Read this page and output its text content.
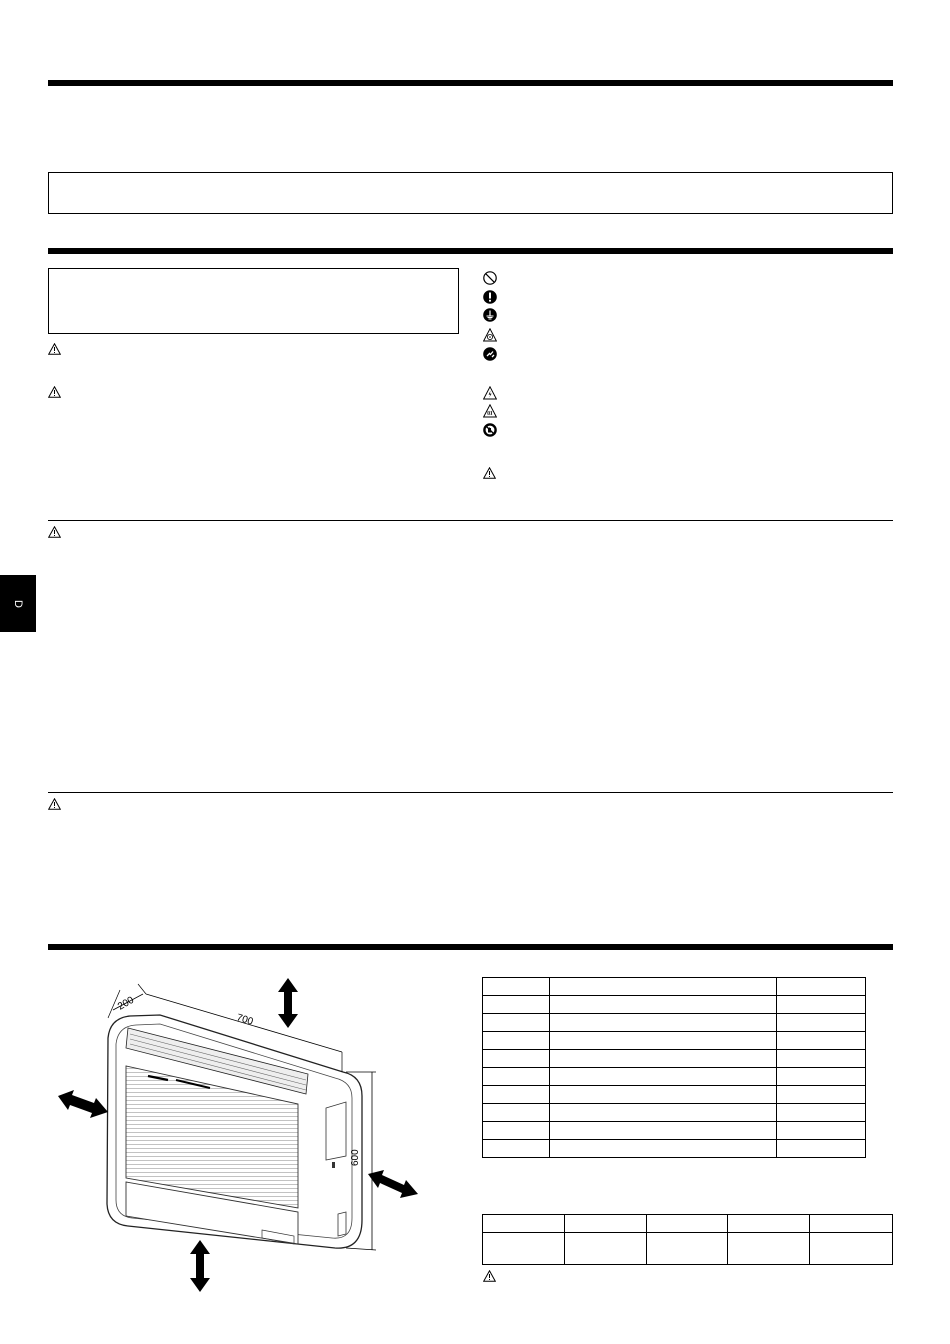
D
200
700
600
